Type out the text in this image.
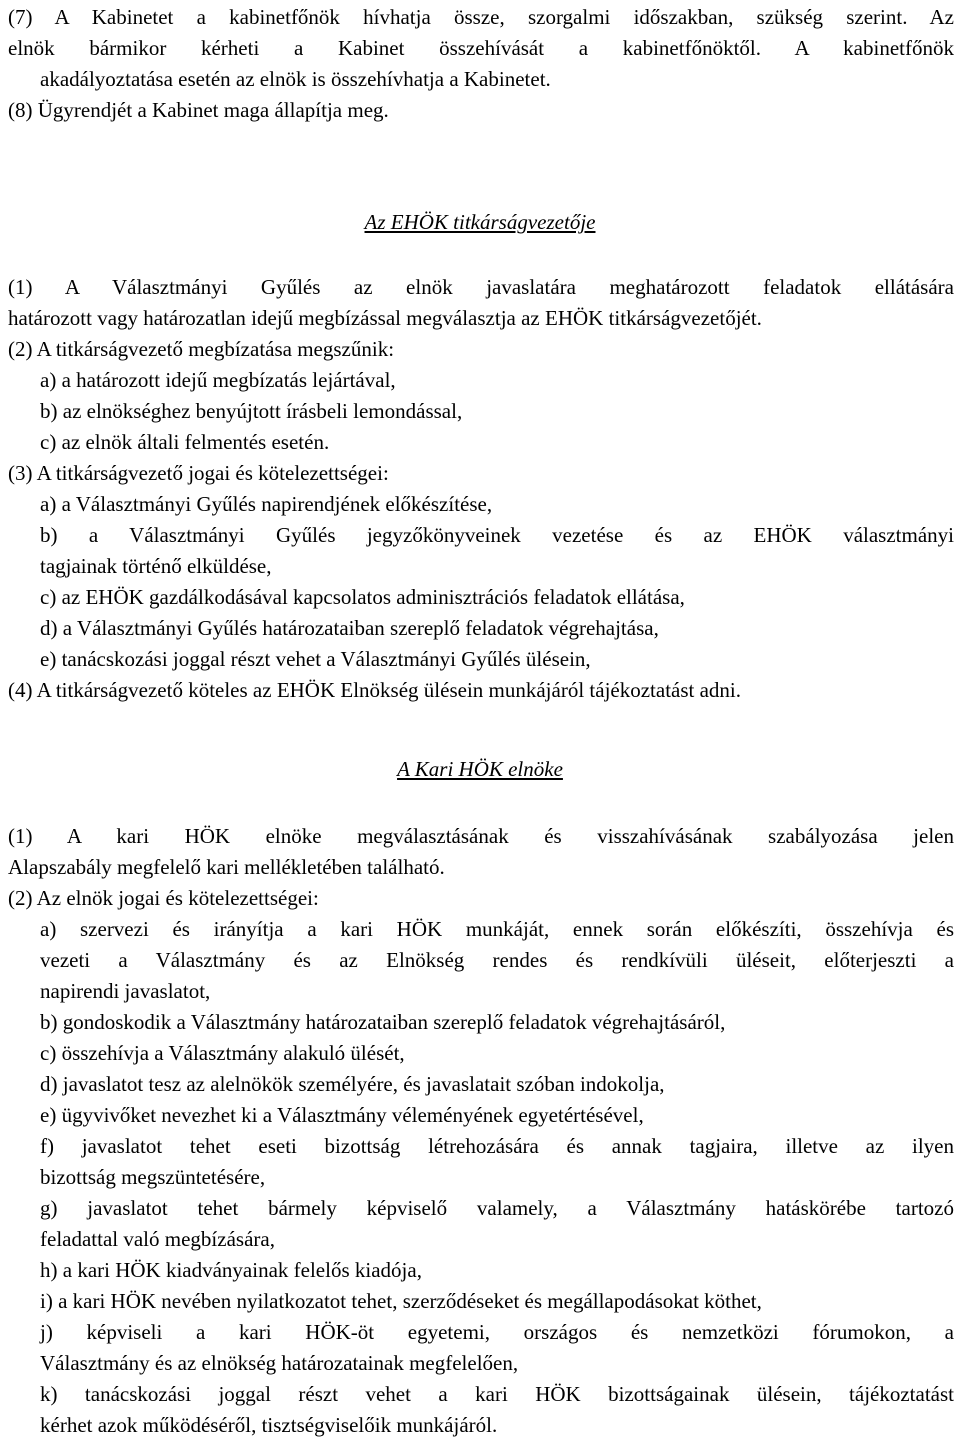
(7) A Kabinetet a kabinetfőnök hívhatja össze, szorgalmi időszakban, szükség szerint. Az
elnök bármikor kérheti a Kabinet összehívását a kabinetfőnöktől. A kabinetfőnök
akadályoztatása esetén az elnök is összehívhatja a Kabinetet.
(8) Ügyrendjét a Kabinet maga állapítja meg.
Az EHÖK titkárságvezetője
(1) A Választmányi Gyűlés az elnök javaslatára meghatározott feladatok ellátására
határozott vagy határozatlan idejű megbízással megválasztja az EHÖK titkárságvezetőjét.
(2) A titkárságvezető megbízatása megszűnik:
a) a határozott idejű megbízatás lejártával,
b) az elnökséghez benyújtott írásbeli lemondással,
c) az elnök általi felmentés esetén.
(3) A titkárságvezető jogai és kötelezettségei:
a) a Választmányi Gyűlés napirendjének előkészítése,
b) a Választmányi Gyűlés jegyzőkönyveinek vezetése és az EHÖK választmányi
tagjainak történő elküldése,
c) az EHÖK gazdálkodásával kapcsolatos adminisztrációs feladatok ellátása,
d) a Választmányi Gyűlés határozataiban szereplő feladatok végrehajtása,
e) tanácskozási joggal részt vehet a Választmányi Gyűlés ülésein,
(4) A titkárságvezető köteles az EHÖK Elnökség ülésein munkájáról tájékoztatást adni.
A Kari HÖK elnöke
(1) A kari HÖK elnöke megválasztásának és visszahívásának szabályozása jelen
Alapszabály megfelelő kari mellékletében található.
(2) Az elnök jogai és kötelezettségei:
a) szervezi és irányítja a kari HÖK munkáját, ennek során előkészíti, összehívja és
vezeti a Választmány és az Elnökség rendes és rendkívüli üléseit, előterjeszti a
napirendi javaslatot,
b) gondoskodik a Választmány határozataiban szereplő feladatok végrehajtásáról,
c) összehívja a Választmány alakuló ülését,
d) javaslatot tesz az alelnökök személyére, és javaslatait szóban indokolja,
e) ügyvivőket nevezhet ki a Választmány véleményének egyetértésével,
f) javaslatot tehet eseti bizottság létrehozására és annak tagjaira, illetve az ilyen
bizottság megszüntetésére,
g) javaslatot tehet bármely képviselő valamely, a Választmány hatáskörébe tartozó
feladattal való megbízására,
h) a kari HÖK kiadványainak felelős kiadója,
i) a kari HÖK nevében nyilatkozatot tehet, szerződéseket és megállapodásokat köthet,
j) képviseli a kari HÖK-öt egyetemi, országos és nemzetközi fórumokon, a
Választmány és az elnökség határozatainak megfelelően,
k) tanácskozási joggal részt vehet a kari HÖK bizottságainak ülésein, tájékoztatást
kérhet azok működéséről, tisztségviselőik munkájáról.
